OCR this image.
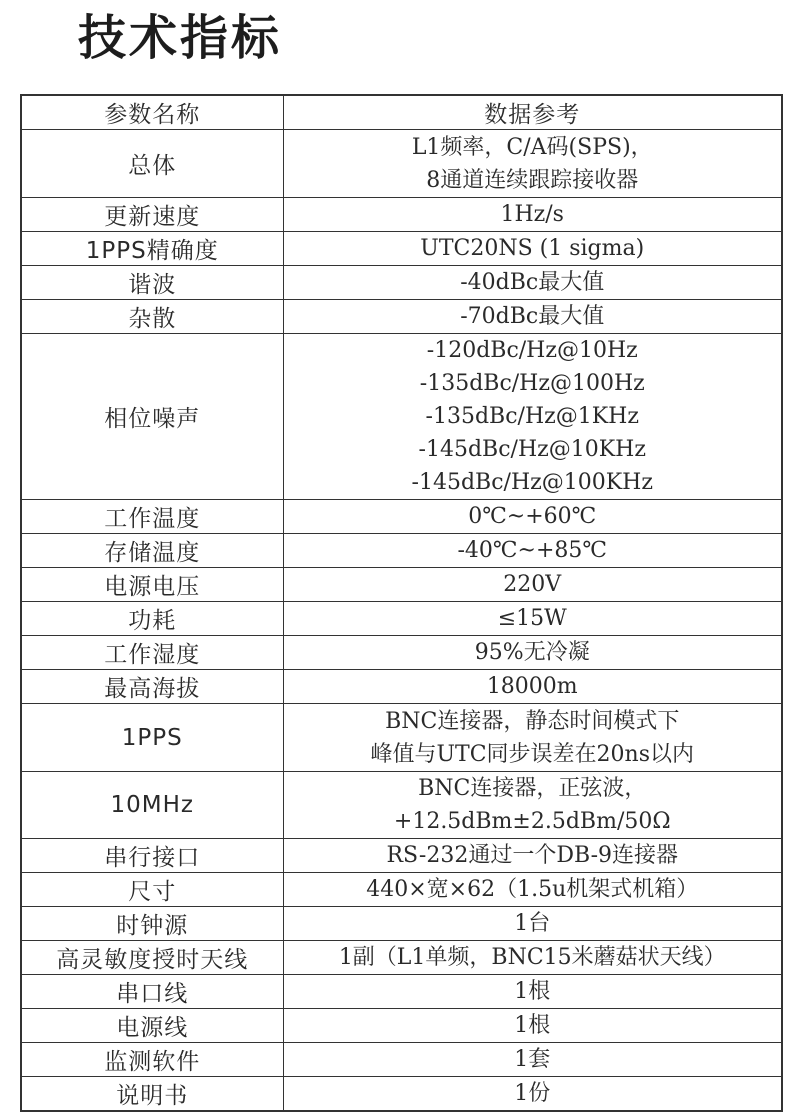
技术指标
参数名称	数据参考
总体	L1频率，C/A码(SPS)，
8通道连续跟踪接收器

更新速度	1Hz/s

1PPS精确度	UTC20NS (1 sigma)

谐波	-40dBc最大值

杂散	-70dBc最大值

相位噪声	-120dBc/Hz@10Hz
-135dBc/Hz@100Hz
-135dBc/Hz@1KHz
-145dBc/Hz@10KHz
-145dBc/Hz@100KHz

工作温度	0℃~+60℃

存储温度	-40℃~+85℃

电源电压	220V

功耗	≤15W

工作湿度	95%无冷凝

最高海拔	18000m

1PPS	BNC连接器，静态时间模式下
峰值与UTC同步误差在20ns以内

10MHz	BNC连接器，正弦波，
+12.5dBm±2.5dBm/50Ω

串行接口	RS-232通过一个DB-9连接器

尺寸	440×宽×62（1.5u机架式机箱）

时钟源	1台

高灵敏度授时天线	1副（L1单频，BNC15米蘑菇状天线）

串口线	1根

电源线	1根

监测软件	1套

说明书	1份
